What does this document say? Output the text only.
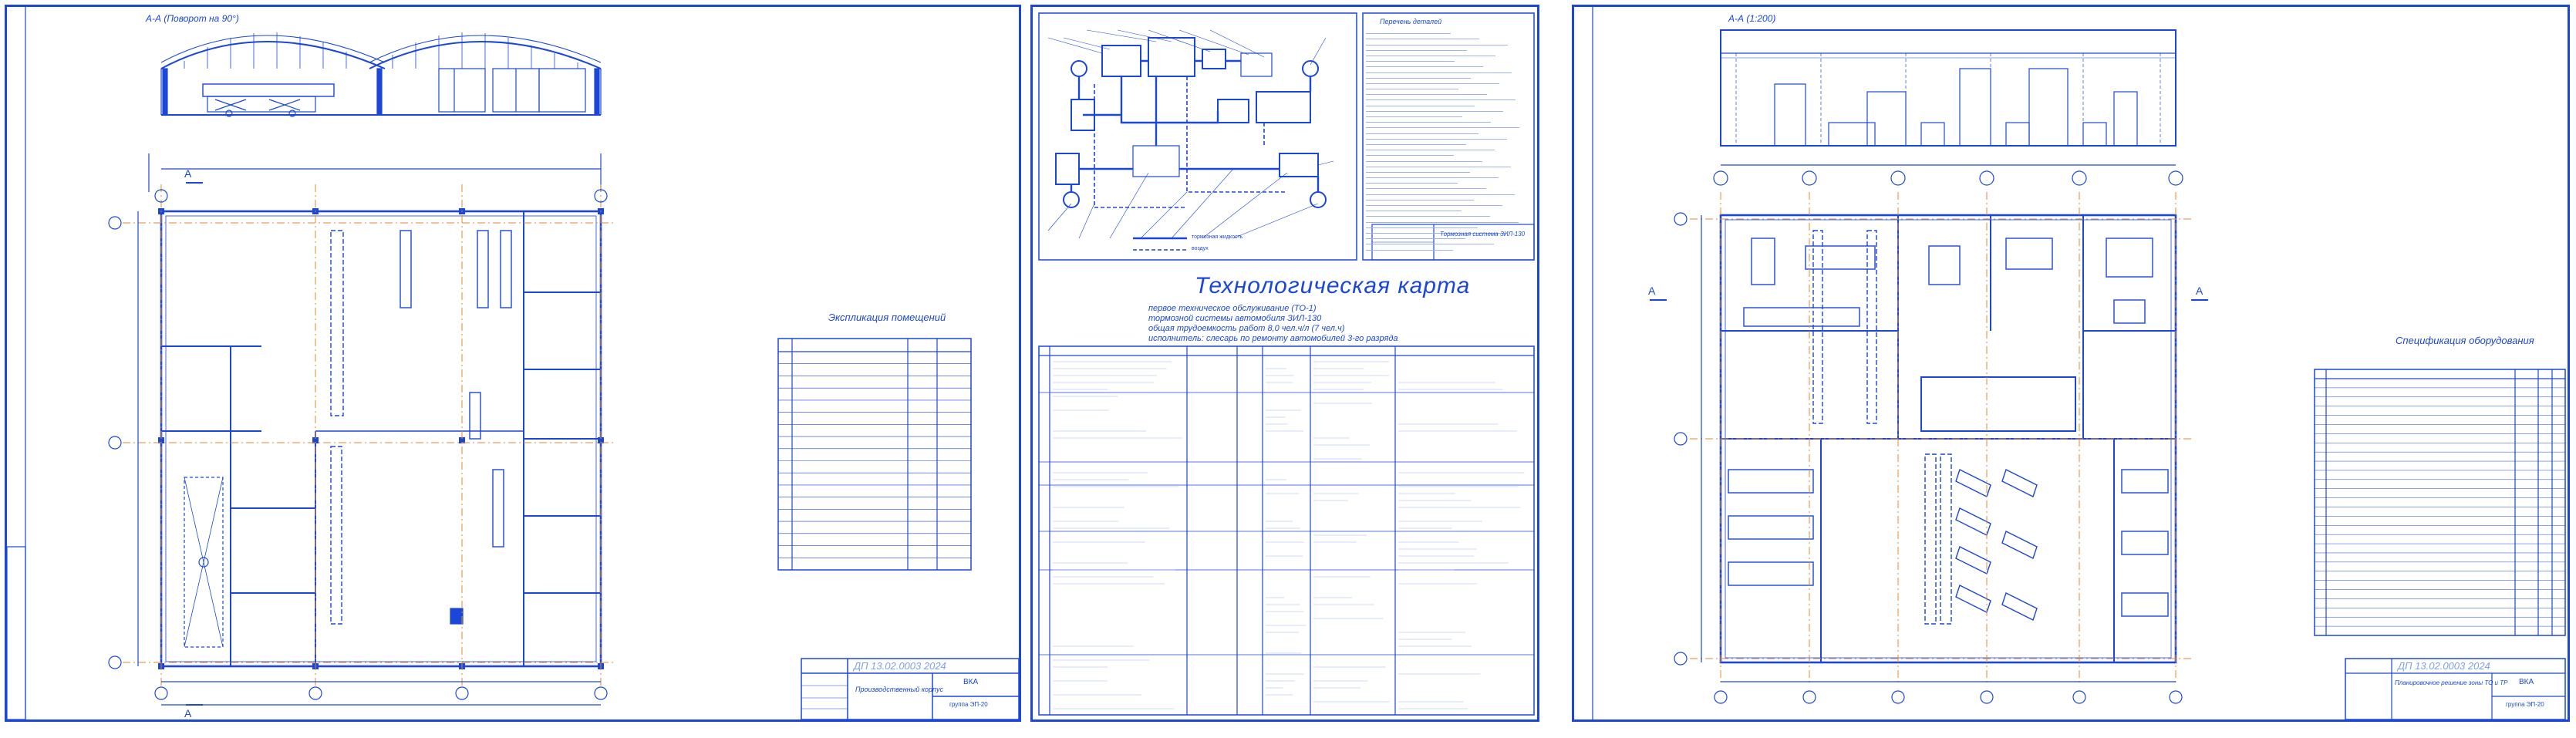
А-А (Поворот на 90°)
А
А
Экспликация помещений
ДП 13.02.0003 2024
Производственный корпус
ВКА
группа ЭП-20
Перечень деталей
Тормозная система ЗИЛ-130
тормозная жидкость
воздух
Технологическая карта
первое техническое обслуживание (ТО-1)
тормозной системы автомобиля ЗИЛ-130
общая трудоемкость работ 8,0 чел.ч/л (7 чел.ч)
исполнитель: слесарь по ремонту автомобилей 3-го разряда
А-А (1:200)
А	А
Спецификация оборудования
ДП 13.02.0003 2024
Планировочное решение зоны ТО и ТР ВКА
группа ЭП-20
